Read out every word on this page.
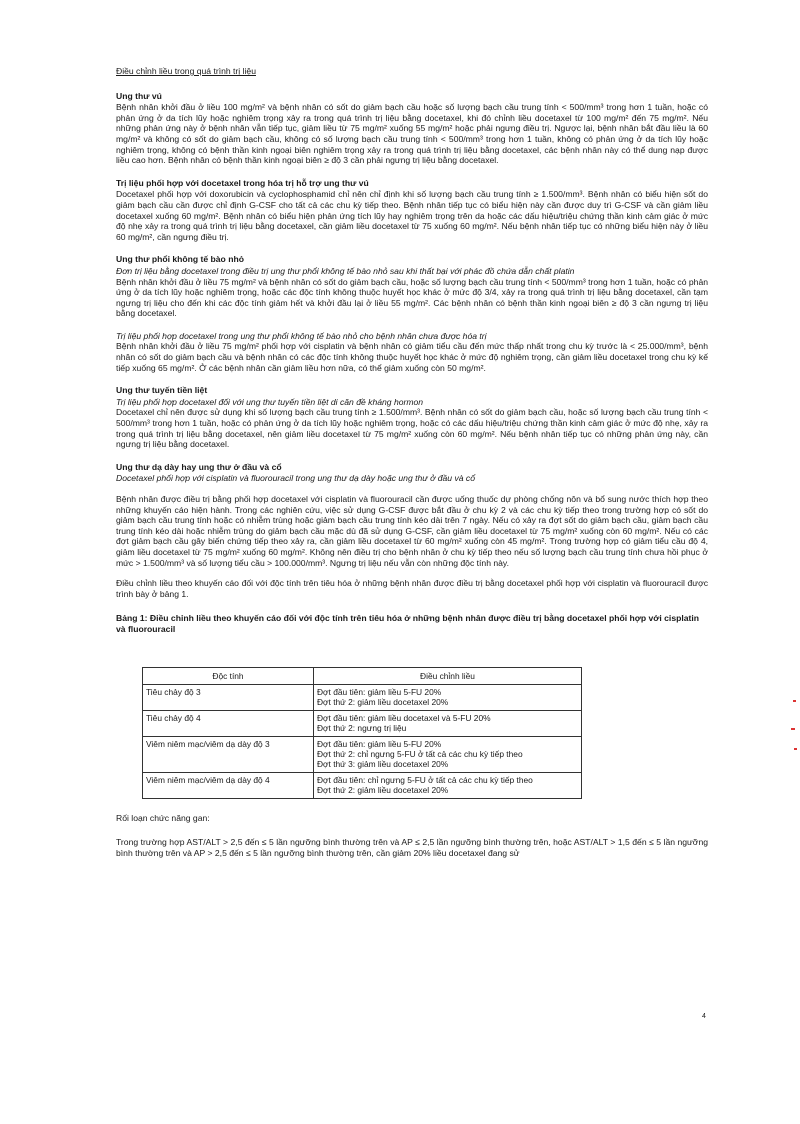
Điều chỉnh liều trong quá trình trị liệu

Ung thư vú

Bệnh nhân khởi đầu ở liều 100 mg/m² và bệnh nhân có sốt do giảm bạch cầu hoặc số lượng bạch cầu trung tính < 500/mm³ trong hơn 1 tuần, hoặc có phản ứng ở da tích lũy hoặc nghiêm trọng xảy ra trong quá trình trị liệu bằng docetaxel, khi đó chỉnh liều docetaxel từ 100 mg/m² đến 75 mg/m². Nếu những phản ứng này ở bệnh nhân vẫn tiếp tục, giảm liều từ 75 mg/m² xuống 55 mg/m² hoặc phải ngưng điều trị. Ngược lại, bệnh nhân bắt đầu liều là 60 mg/m² và không có sốt do giảm bạch cầu, không có số lượng bạch cầu trung tính < 500/mm³ trong hơn 1 tuần, không có phản ứng ở da tích lũy hoặc nghiêm trọng, không có bệnh thần kinh ngoại biên nghiêm trọng xảy ra trong quá trình trị liệu bằng docetaxel, các bệnh nhân này có thể dung nạp được liều cao hơn. Bệnh nhân có bệnh thần kinh ngoại biên ≥ độ 3 cần phải ngưng trị liệu bằng docetaxel.

Trị liệu phối hợp với docetaxel trong hóa trị hỗ trợ ung thư vú

Docetaxel phối hợp với doxorubicin và cyclophosphamid chỉ nên chỉ định khi số lượng bạch cầu trung tính ≥ 1.500/mm³. Bệnh nhân có biểu hiện sốt do giảm bạch cầu cần được chỉ định G-CSF cho tất cả các chu kỳ tiếp theo. Bệnh nhân tiếp tục có biểu hiện này cần được duy trì G-CSF và cần giảm liều docetaxel xuống 60 mg/m². Bệnh nhân có biểu hiện phản ứng tích lũy hay nghiêm trọng trên da hoặc các dấu hiệu/triệu chứng thần kinh cảm giác ở mức độ nhẹ xảy ra trong quá trình trị liệu bằng docetaxel, cần giảm liều docetaxel từ 75 xuống 60 mg/m². Nếu bệnh nhân tiếp tục có những biểu hiện này ở liều 60 mg/m², cần ngưng điều trị.

Ung thư phổi không tế bào nhỏ

Đơn trị liệu bằng docetaxel trong điều trị ung thư phổi không tế bào nhỏ sau khi thất bại với phác đồ chứa dẫn chất platin

Bệnh nhân khởi đầu ở liều 75 mg/m² và bệnh nhân có sốt do giảm bạch cầu, hoặc số lượng bạch cầu trung tính < 500/mm³ trong hơn 1 tuần, hoặc có phản ứng ở da tích lũy hoặc nghiêm trọng, hoặc các độc tính không thuộc huyết học khác ở mức độ 3/4, xảy ra trong quá trình trị liệu bằng docetaxel, cần tạm ngưng trị liệu cho đến khi các độc tính giảm hết và khởi đầu lại ở liều 55 mg/m². Các bệnh nhân có bệnh thần kinh ngoại biên ≥ độ 3 cần ngưng trị liệu bằng docetaxel.

Trị liệu phối hợp docetaxel trong ung thư phổi không tế bào nhỏ cho bệnh nhân chưa được hóa trị

Bệnh nhân khởi đầu ở liều 75 mg/m² phối hợp với cisplatin và bệnh nhân có giảm tiểu cầu đến mức thấp nhất trong chu kỳ trước là < 25.000/mm³, bệnh nhân có sốt do giảm bạch cầu và bệnh nhân có các độc tính không thuộc huyết học khác ở mức độ nghiêm trọng, cần giảm liều docetaxel trong chu kỳ kế tiếp xuống 65 mg/m². Ở các bệnh nhân cần giảm liều hơn nữa, có thể giảm xuống còn 50 mg/m².

Ung thư tuyến tiền liệt

Trị liệu phối hợp docetaxel đối với ung thư tuyến tiền liệt di căn đề kháng hormon

Docetaxel chỉ nên được sử dụng khi số lượng bạch cầu trung tính ≥ 1.500/mm³. Bệnh nhân có sốt do giảm bạch cầu, hoặc số lượng bạch cầu trung tính < 500/mm³ trong hơn 1 tuần, hoặc có phản ứng ở da tích lũy hoặc nghiêm trọng, hoặc có các dấu hiệu/triệu chứng thần kinh cảm giác ở mức độ nhẹ, xảy ra trong quá trình trị liệu bằng docetaxel, nên giảm liều docetaxel từ 75 mg/m² xuống còn 60 mg/m². Nếu bệnh nhân tiếp tục có những phản ứng này, cần ngưng trị liệu bằng docetaxel.

Ung thư dạ dày hay ung thư ở đầu và cổ

Docetaxel phối hợp với cisplatin và fluorouracil trong ung thư dạ dày hoặc ung thư ở đầu và cổ

Bệnh nhân được điều trị bằng phối hợp docetaxel với cisplatin và fluorouracil cần được uống thuốc dự phòng chống nôn và bổ sung nước thích hợp theo những khuyến cáo hiện hành. Trong các nghiên cứu, việc sử dụng G-CSF được bắt đầu ở chu kỳ 2 và các chu kỳ tiếp theo trong trường hợp có sốt do giảm bạch cầu trung tính hoặc có nhiễm trùng hoặc giảm bạch cầu trung tính kéo dài trên 7 ngày. Nếu có xảy ra đợt sốt do giảm bạch cầu, giảm bạch cầu trung tính kéo dài hoặc nhiễm trùng do giảm bạch cầu mặc dù đã sử dụng G-CSF, cần giảm liều docetaxel từ 75 mg/m² xuống còn 60 mg/m². Nếu có các đợt giảm bạch cầu gây biến chứng tiếp theo xảy ra, cần giảm liều docetaxel từ 60 mg/m² xuống còn 45 mg/m². Trong trường hợp có giảm tiểu cầu độ 4, giảm liều docetaxel từ 75 mg/m² xuống 60 mg/m². Không nên điều trị cho bệnh nhân ở chu kỳ tiếp theo nếu số lượng bạch cầu trung tính chưa hồi phục ở mức > 1.500/mm³ và số lượng tiểu cầu > 100.000/mm³. Ngưng trị liệu nếu vẫn còn những độc tính này.

Điều chỉnh liều theo khuyến cáo đối với độc tính trên tiêu hóa ở những bệnh nhân được điều trị bằng docetaxel phối hợp với cisplatin và fluorouracil được trình bày ở bảng 1.

Bảng 1: Điều chỉnh liều theo khuyến cáo đối với độc tính trên tiêu hóa ở những bệnh nhân được điều trị bằng docetaxel phối hợp với cisplatin và fluorouracil

Độc tính	Điều chỉnh liều
Tiêu chảy độ 3	Đợt đầu tiên: giảm liều 5-FU 20%
Đợt thứ 2: giảm liều docetaxel 20%

Tiêu chảy độ 4	Đợt đầu tiên: giảm liều docetaxel và 5-FU 20%
Đợt thứ 2: ngưng trị liệu

Viêm niêm mạc/viêm dạ dày độ 3	Đợt đầu tiên: giảm liều 5-FU 20%
Đợt thứ 2: chỉ ngưng 5-FU ở tất cả các chu kỳ tiếp theo
Đợt thứ 3: giảm liều docetaxel 20%

Viêm niêm mạc/viêm dạ dày độ 4	Đợt đầu tiên: chỉ ngưng 5-FU ở tất cả các chu kỳ tiếp theo
Đợt thứ 2: giảm liều docetaxel 20%

Rối loạn chức năng gan:

Trong trường hợp AST/ALT > 2,5 đến ≤ 5 lần ngưỡng bình thường trên và AP ≤ 2,5 lần ngưỡng bình thường trên, hoặc AST/ALT > 1,5 đến ≤ 5 lần ngưỡng bình thường trên và AP > 2,5 đến ≤ 5 lần ngưỡng bình thường trên, cần giảm 20% liều docetaxel đang sử

4
